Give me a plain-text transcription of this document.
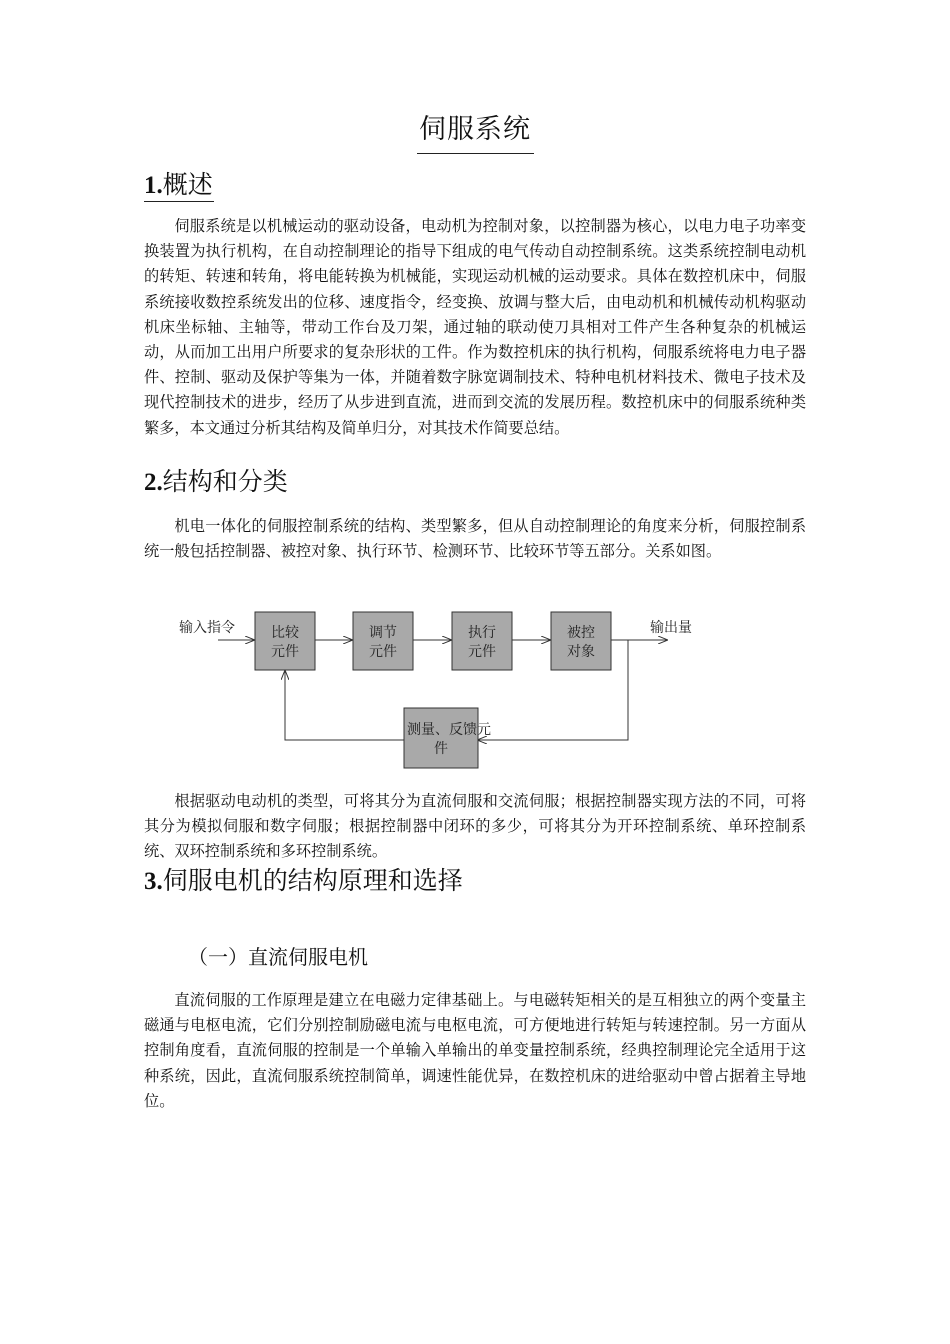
伺服系统
1.概述

伺服系统是以机械运动的驱动设备，电动机为控制对象，以控制器为核心，以电力电子功率变换装置为执行机构，在自动控制理论的指导下组成的电气传动自动控制系统。这类系统控制电动机的转矩、转速和转角，将电能转换为机械能，实现运动机械的运动要求。具体在数控机床中，伺服系统接收数控系统发出的位移、速度指令，经变换、放调与整大后，由电动机和机械传动机构驱动机床坐标轴、主轴等，带动工作台及刀架，通过轴的联动使刀具相对工件产生各种复杂的机械运动，从而加工出用户所要求的复杂形状的工件。作为数控机床的执行机构，伺服系统将电力电子器件、控制、驱动及保护等集为一体，并随着数字脉宽调制技术、特种电机材料技术、微电子技术及现代控制技术的进步，经历了从步进到直流，进而到交流的发展历程。数控机床中的伺服系统种类繁多，本文通过分析其结构及简单归分，对其技术作简要总结。

2.结构和分类

机电一体化的伺服控制系统的结构、类型繁多，但从自动控制理论的角度来分析，伺服控制系统一般包括控制器、被控对象、执行环节、检测环节、比较环节等五部分。关系如图。

输入指令	比较
元件
调节
元件
执行
元件
被控
对象
输出量
测量、反馈元
件

根据驱动电动机的类型，可将其分为直流伺服和交流伺服；根据控制器实现方法的不同，可将其分为模拟伺服和数字伺服；根据控制器中闭环的多少，可将其分为开环控制系统、单环控制系统、双环控制系统和多环控制系统。

3.伺服电机的结构原理和选择
（一）直流伺服电机

直流伺服的工作原理是建立在电磁力定律基础上。与电磁转矩相关的是互相独立的两个变量主磁通与电枢电流，它们分别控制励磁电流与电枢电流，可方便地进行转矩与转速控制。另一方面从控制角度看，直流伺服的控制是一个单输入单输出的单变量控制系统，经典控制理论完全适用于这种系统，因此，直流伺服系统控制简单，调速性能优异，在数控机床的进给驱动中曾占据着主导地位。
